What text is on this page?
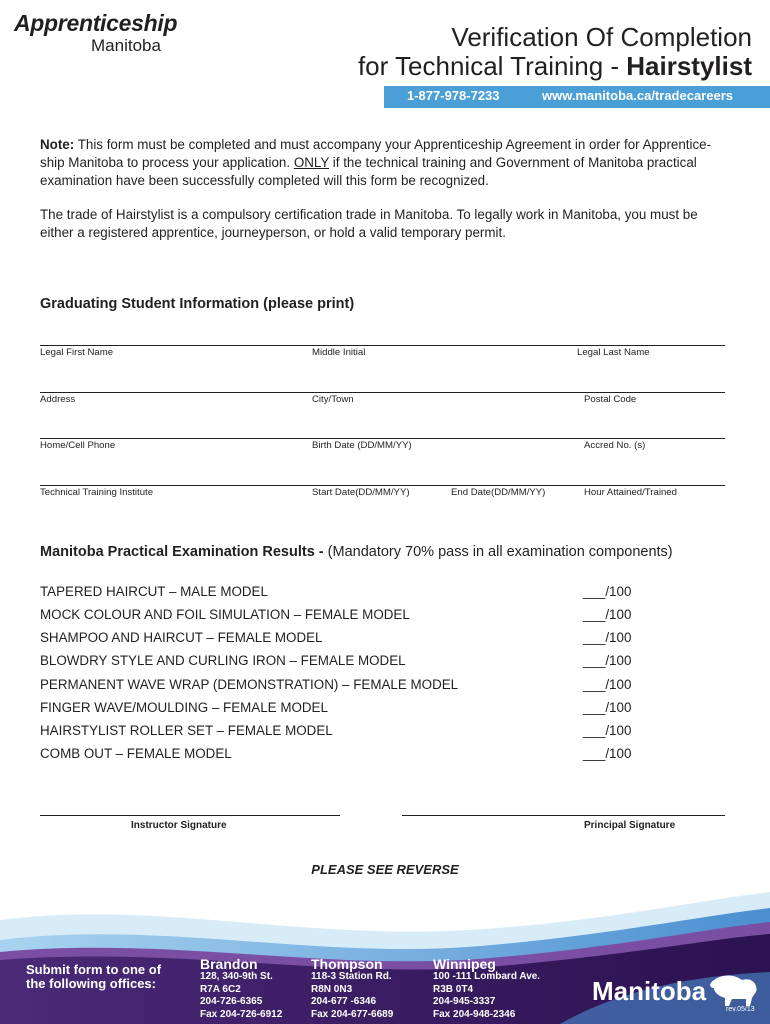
Apprenticeship
Manitoba	Verification Of Completion
for Technical Training - Hairstylist
1-877-978-7233	www.manitoba.ca/tradecareers
Note: This form must be completed and must accompany your Apprenticeship Agreement in order for Apprentice-ship Manitoba to process your application. ONLY if the technical training and Government of Manitoba practical examination have been successfully completed will this form be recognized.
The trade of Hairstylist is a compulsory certification trade in Manitoba. To legally work in Manitoba, you must be either a registered apprentice, journeyperson, or hold a valid temporary permit.
Graduating Student Information (please print)
Legal First Name	Middle Initial	Legal Last Name
Address	City/Town	Postal Code
Home/Cell Phone	Birth Date (DD/MM/YY)	Accred No. (s)
Technical Training Institute	Start Date(DD/MM/YY)	End Date(DD/MM/YY)	Hour Attained/Trained
Manitoba Practical Examination Results - (Mandatory 70% pass in all examination components)
TAPERED HAIRCUT – MALE MODEL	___/100
MOCK COLOUR AND FOIL SIMULATION – FEMALE MODEL	___/100
SHAMPOO AND HAIRCUT – FEMALE MODEL	___/100
BLOWDRY STYLE AND CURLING IRON – FEMALE MODEL	___/100
PERMANENT WAVE WRAP (DEMONSTRATION) – FEMALE MODEL	___/100
FINGER WAVE/MOULDING – FEMALE MODEL	___/100
HAIRSTYLIST ROLLER SET – FEMALE MODEL	___/100
COMB OUT – FEMALE MODEL	___/100
Instructor Signature	Principal Signature
PLEASE SEE REVERSE
Submit form to one of
the following offices:
Brandon
128, 340-9th St.
R7A 6C2
204-726-6365
Fax 204-726-6912
Thompson
118-3 Station Rd.
R8N 0N3
204-677 -6346
Fax 204-677-6689
Winnipeg
100 -111 Lombard Ave.
R3B 0T4
204-945-3337
Fax 204-948-2346
Manitoba
rev.05/13
